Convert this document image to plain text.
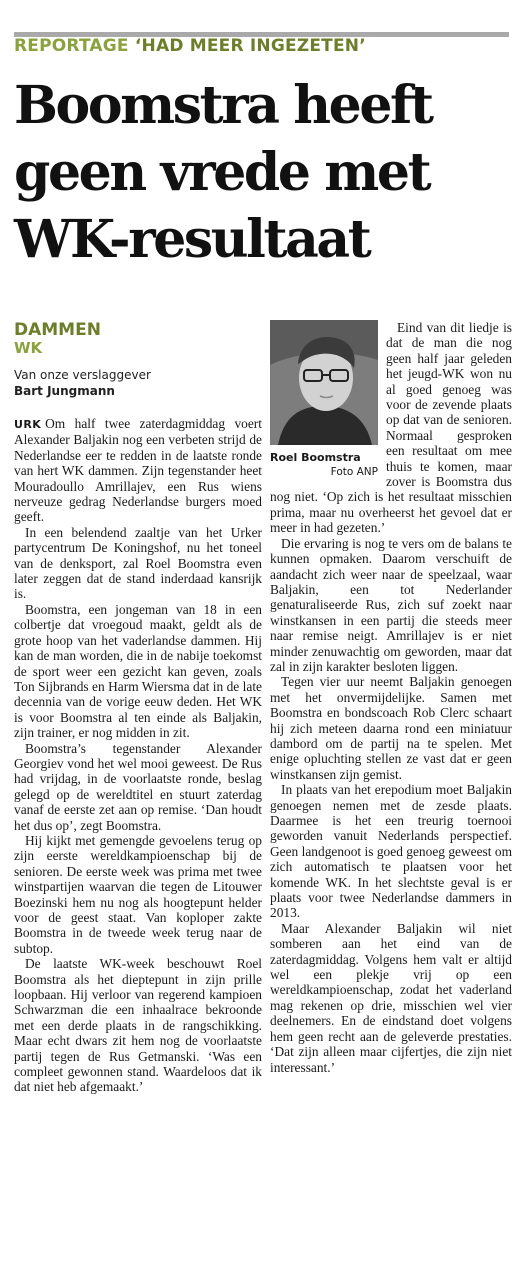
REPORTAGE ‘HAD MEER INGEZETEN’
Boomstra heeft
geen vrede met
WK-resultaat
DAMMEN
WK
Van onze verslaggever
Bart Jungmann

URK Om half twee zaterdagmiddag voert Alexander Baljakin nog een verbeten strijd de Nederlandse eer te redden in de laatste ronde van hert WK dammen. Zijn tegenstander heet Mouradoullo Amrillajev, een Rus wiens nerveuze gedrag Nederlandse burgers moed geeft.

In een belendend zaaltje van het Urker partycentrum De Koningshof, nu het toneel van de denksport, zal Roel Boomstra even later zeggen dat de stand inderdaad kansrijk is.

Boomstra, een jongeman van 18 in een colbertje dat vroegoud maakt, geldt als de grote hoop van het vaderlandse dammen. Hij kan de man worden, die in de nabije toekomst de sport weer een gezicht kan geven, zoals Ton Sijbrands en Harm Wiersma dat in de late decennia van de vorige eeuw deden. Het WK is voor Boomstra al ten einde als Baljakin, zijn trainer, er nog midden in zit.

Boomstra’s tegenstander Alexander Georgiev vond het wel mooi geweest. De Rus had vrijdag, in de voorlaatste ronde, beslag gelegd op de wereldtitel en stuurt zaterdag vanaf de eerste zet aan op remise. ‘Dan houdt het dus op’, zegt Boomstra.

Hij kijkt met gemengde gevoelens terug op zijn eerste wereldkampioenschap bij de senioren. De eerste week was prima met twee winstpartijen waarvan die tegen de Litouwer Boezinski hem nu nog als hoogtepunt helder voor de geest staat. Van koploper zakte Boomstra in de tweede week terug naar de subtop.

De laatste WK-week beschouwt Roel Boomstra als het dieptepunt in zijn prille loopbaan. Hij verloor van regerend kampioen Schwarzman die een inhaalrace bekroonde met een derde plaats in de rangschikking. Maar echt dwars zit hem nog de voorlaatste partij tegen de Rus Getmanski. ‘Was een compleet gewonnen stand. Waardeloos dat ik dat niet heb afgemaakt.’

Roel Boomstra
Foto ANP

Eind van dit liedje is dat de man die nog geen half jaar geleden het jeugd-WK won nu al goed genoeg was voor de zevende plaats op dat van de senioren. Normaal gesproken een resultaat om mee thuis te komen, maar zover is Boomstra dus nog niet. ‘Op zich is het resultaat misschien prima, maar nu overheerst het gevoel dat er meer in had gezeten.’

Die ervaring is nog te vers om de balans te kunnen opmaken. Daarom verschuift de aandacht zich weer naar de speelzaal, waar Baljakin, een tot Nederlander genaturaliseerde Rus, zich suf zoekt naar winstkansen in een partij die steeds meer naar remise neigt. Amrillajev is er niet minder zenuwachtig om geworden, maar dat zal in zijn karakter besloten liggen.

Tegen vier uur neemt Baljakin genoegen met het onvermijdelijke. Samen met Boomstra en bondscoach Rob Clerc schaart hij zich meteen daarna rond een miniatuur dambord om de partij na te spelen. Met enige opluchting stellen ze vast dat er geen winstkansen zijn gemist.

In plaats van het erepodium moet Baljakin genoegen nemen met de zesde plaats. Daarmee is het een treurig toernooi geworden vanuit Nederlands perspectief. Geen landgenoot is goed genoeg geweest om zich automatisch te plaatsen voor het komende WK. In het slechtste geval is er plaats voor twee Nederlandse dammers in 2013.

Maar Alexander Baljakin wil niet somberen aan het eind van de zaterdagmiddag. Volgens hem valt er altijd wel een plekje vrij op een wereldkampioenschap, zodat het vaderland mag rekenen op drie, misschien wel vier deelnemers. En de eindstand doet volgens hem geen recht aan de geleverde prestaties. ‘Dat zijn alleen maar cijfertjes, die zijn niet interessant.’
